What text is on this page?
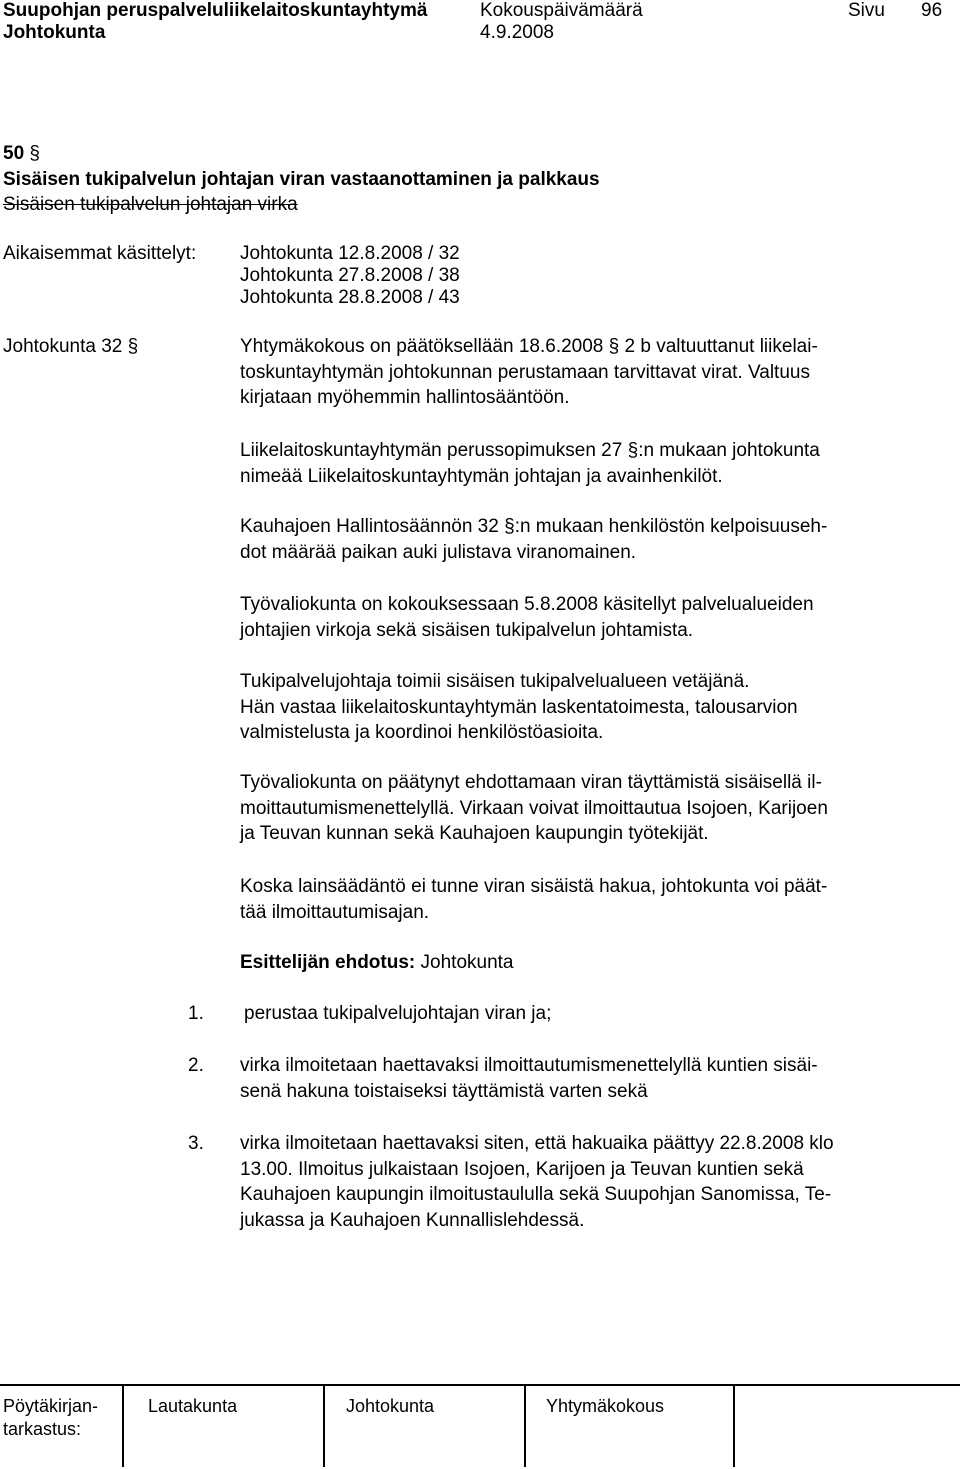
Suupohjan peruspalveluliikelaitoskuntayhtymä	Kokouspäivämäärä	Sivu 96
Johtokunta	4.9.2008
50 §
Sisäisen tukipalvelun johtajan viran vastaanottaminen ja palkkaus
Sisäisen tukipalvelun johtajan virka
Aikaisemmat käsittelyt: Johtokunta 12.8.2008 / 32
Johtokunta 27.8.2008 / 38
Johtokunta 28.8.2008 / 43
Johtokunta 32 §	Yhtymäkokous on päätöksellään 18.6.2008 § 2 b valtuuttanut liikelai-
toskuntayhtymän johtokunnan perustamaan tarvittavat virat. Valtuus
kirjataan myöhemmin hallintosääntöön.
Liikelaitoskuntayhtymän perussopimuksen 27 §:n mukaan johtokunta
nimeää Liikelaitoskuntayhtymän johtajan ja avainhenkilöt.
Kauhajoen Hallintosäännön 32 §:n mukaan henkilöstön kelpoisuuseh-
dot määrää paikan auki julistava viranomainen.
Työvaliokunta on kokouksessaan 5.8.2008 käsitellyt palvelualueiden
johtajien virkoja sekä sisäisen tukipalvelun johtamista.
Tukipalvelujohtaja toimii sisäisen tukipalvelualueen vetäjänä.
Hän vastaa liikelaitoskuntayhtymän laskentatoimesta, talousarvion
valmistelusta ja koordinoi henkilöstöasioita.
Työvaliokunta on päätynyt ehdottamaan viran täyttämistä sisäisellä il-
moittautumismenettelyllä. Virkaan voivat ilmoittautua Isojoen, Karijoen
ja Teuvan kunnan sekä Kauhajoen kaupungin työtekijät.
Koska lainsäädäntö ei tunne viran sisäistä hakua, johtokunta voi päät-
tää ilmoittautumisajan.
Esittelijän ehdotus: Johtokunta
1. perustaa tukipalvelujohtajan viran ja;
2. virka ilmoitetaan haettavaksi ilmoittautumismenettelyllä kuntien sisäi-
senä hakuna toistaiseksi täyttämistä varten sekä
3. virka ilmoitetaan haettavaksi siten, että hakuaika päättyy 22.8.2008 klo
13.00. Ilmoitus julkaistaan Isojoen, Karijoen ja Teuvan kuntien sekä
Kauhajoen kaupungin ilmoitustaululla sekä Suupohjan Sanomissa, Te-
jukassa ja Kauhajoen Kunnallislehdessä.
Pöytäkirjan-
tarkastus:
Lautakunta	Johtokunta	Yhtymäkokous
